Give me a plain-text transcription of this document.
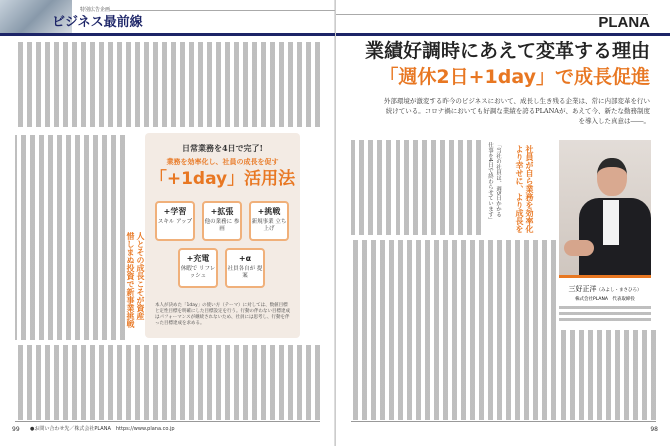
特別広告企画
ビジネス最前線
人とその成長こそが資産
惜しまぬ投資で新事業挑戦
日常業務を4日で完了!
業務を効率化し、社員の成長を促す
「+1day」活用法
+学習
スキル アップ
+拡張
他の業務に 参画
+挑戦
新規事業 立ち上げ
+充電
休暇で リフレッシュ
+α
社員各自が 提案
本人が決めた「1day」の使い方（テーマ）に対しては、数値目標と定性目標を明確にした目標設定を行う。行動の伴わない目標達成はパフォーマンスが継続されないため、社員には思考し、行動を伴った目標達成を求める。
99 ●お問い合わせ先／株式会社PLANA　https://www.plana.co.jp
PLANA
業績好調時にあえて変革する理由
「週休2日+1day」で成長促進
外部環境が激変する昨今のビジネスにおいて、成長し生き残る企業は、常に内部変革を行い続けている。コロナ禍においても好調な業績を誇るPLANAが、あえて今、新たな勤務制度を導入した真意は――。
社員が自ら業務を効率化
より幸せに、より成長を
「当社の社員は、週5日かかる仕事を4日で終わらせています」
三好正洋（みよし・まさひろ）
株式会社PLANA　代表取締役
98
